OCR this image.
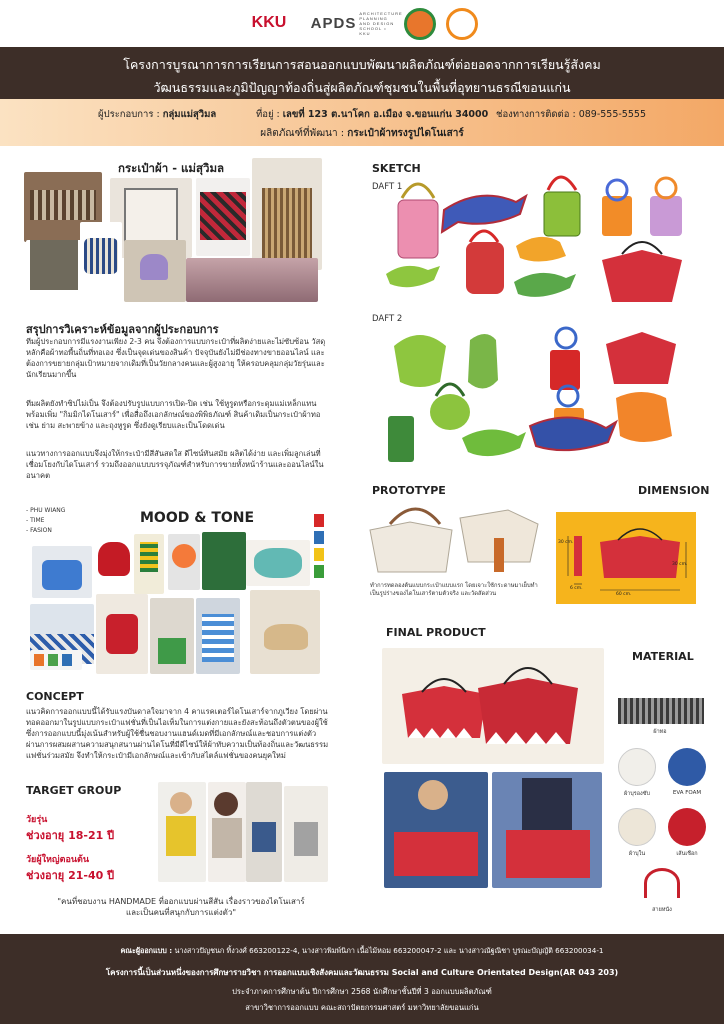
KKU	APDS
ARCHITECTURE PLANNING AND DESIGN SCHOOL • KKU
โครงการบูรณาการการเรียนการสอนออกแบบพัฒนาผลิตภัณฑ์ต่อยอดจากการเรียนรู้สังคม
วัฒนธรรมและภูมิปัญญาท้องถิ่นสู่ผลิตภัณฑ์ชุมชนในพื้นที่อุทยานธรณีขอนแก่น
ผู้ประกอบการ : กลุ่มแม่สุวิมล	ที่อยู่ : เลขที่ 123 ต.นาโคก อ.เมือง จ.ขอนแก่น 34000 ช่องทางการติดต่อ : 089-555-5555
ผลิตภัณฑ์ที่พัฒนา : กระเป๋าผ้าทรงรูปไดโนเสาร์
กระเป๋าผ้า - แม่สุวิมล
สรุปการวิเคราะห์ข้อมูลจากผู้ประกอบการ
ทีมผู้ประกอบการมีแรงงานเพียง 2-3 คน จึงต้องการแบบกระเป๋าที่ผลิตง่ายและไม่ซับซ้อน วัสดุหลักคือผ้าทอพื้นถิ่นที่ทอเอง ซึ่งเป็นจุดเด่นของสินค้า ปัจจุบันยังไม่มีช่องทางขายออนไลน์ และต้องการขยายกลุ่มเป้าหมายจากเดิมที่เป็นวัยกลางคนและผู้สูงอายุ ให้ครอบคลุมกลุ่มวัยรุ่นและนักเรียนมากขึ้น
ทีมผลิตยังทำซิปไม่เป็น จึงต้องปรับรูปแบบการเปิด-ปิด เช่น ใช้หูรูดหรือกระดุมแม่เหล็กแทน พร้อมเพิ่ม "กิมมิกไดโนเสาร์" เพื่อสื่อถึงเอกลักษณ์ของพิพิธภัณฑ์ สินค้าเดิมเป็นกระเป๋าผ้าทอ เช่น ย่าม สะพายข้าง และถุงหูรูด ซึ่งยังดูเรียบและเป็นโดดเด่น
แนวทางการออกแบบจึงมุ่งให้กระเป๋ามีสีสันสดใส ดีไซน์ทันสมัย ผลิตได้ง่าย และเพิ่มลูกเล่นที่เชื่อมโยงกับไดโนเสาร์ รวมถึงออกแบบบรรจุภัณฑ์สำหรับการขายทั้งหน้าร้านและออนไลน์ในอนาคต
- PHU WIANG
- TIME
- FASION
MOOD & TONE
CONCEPT
แนวคิดการออกแบบนี้ได้รับแรงบันดาลใจมาจาก 4 คาแรคเตอร์ไดโนเสาร์จากภูเวียง โดยผ่านทอดออกมาในรูปแบบกระเป๋าแฟชั่นที่เป็นไอเท็มในการแต่งกายและยังสะท้อนถึงตัวตนของผู้ใช้ ซึ่งการออกแบบนี้มุ่งเน้นสำหรับผู้ใช้ชื่นชอบงานแฮนด์เมดที่มีเอกลักษณ์และชอบการแต่งตัว ผ่านการผสมผสานความสนุกสนานผ่านไดโนที่มีดีไซน์ให้ผ้าทับความเป็นท้องถิ่นและวัฒนธรรมแฟชั่นร่วมสมัย จึงทำให้กระเป๋ามีเอกลักษณ์และเข้ากับสไตล์แฟชั่นของคนยุคใหม่
TARGET GROUP
วัยรุ่น
ช่วงอายุ 18-21 ปี
วัยผู้ใหญ่ตอนต้น
ช่วงอายุ 21-40 ปี
"คนที่ชอบงาน HANDMADE ที่ออกแบบผ่านสีสัน เรื่องราวของไดโนเสาร์และเป็นคนที่สนุกกับการแต่งตัว"
SKETCH
DAFT 1
DAFT 2
PROTOTYPE
ทำการทดลองต้นแบบกระเป๋าแบบแรก โดยเจาะใช้กระดาษมาเย็บทำเป็นรูปร่างของไดโนเสาร์ตามตัวจริง และวัดสัดส่วน
DIMENSION
30 cm.
6 cm.
60 cm.
30 cm.
FINAL PRODUCT
MATERIAL
ผ้าทอ
ผ้าบุรองซับ	EVA FOAM
ผ้าบุใน	เส้นเชือก
สายหนัง
คณะผู้ออกแบบ : นางสาวปัญชนก ทิ้งวงศ์ 663200122-4, นางสาวพิมพ์นิภา เนื้อไม้หอม 663200047-2 และ นางสาวณัฐณิชา บูรณะบัญญัติ 663200034-1
โครงการนี้เป็นส่วนหนึ่งของการศึกษารายวิชา การออกแบบเชิงสังคมและวัฒนธรรม Social and Culture Orientated Design(AR 043 203)
ประจำภาคการศึกษาต้น ปีการศึกษา 2568 นักศึกษาชั้นปีที่ 3 ออกแบบผลิตภัณฑ์
สาขาวิชาการออกแบบ คณะสถาปัตยกรรมศาสตร์ มหาวิทยาลัยขอนแก่น
